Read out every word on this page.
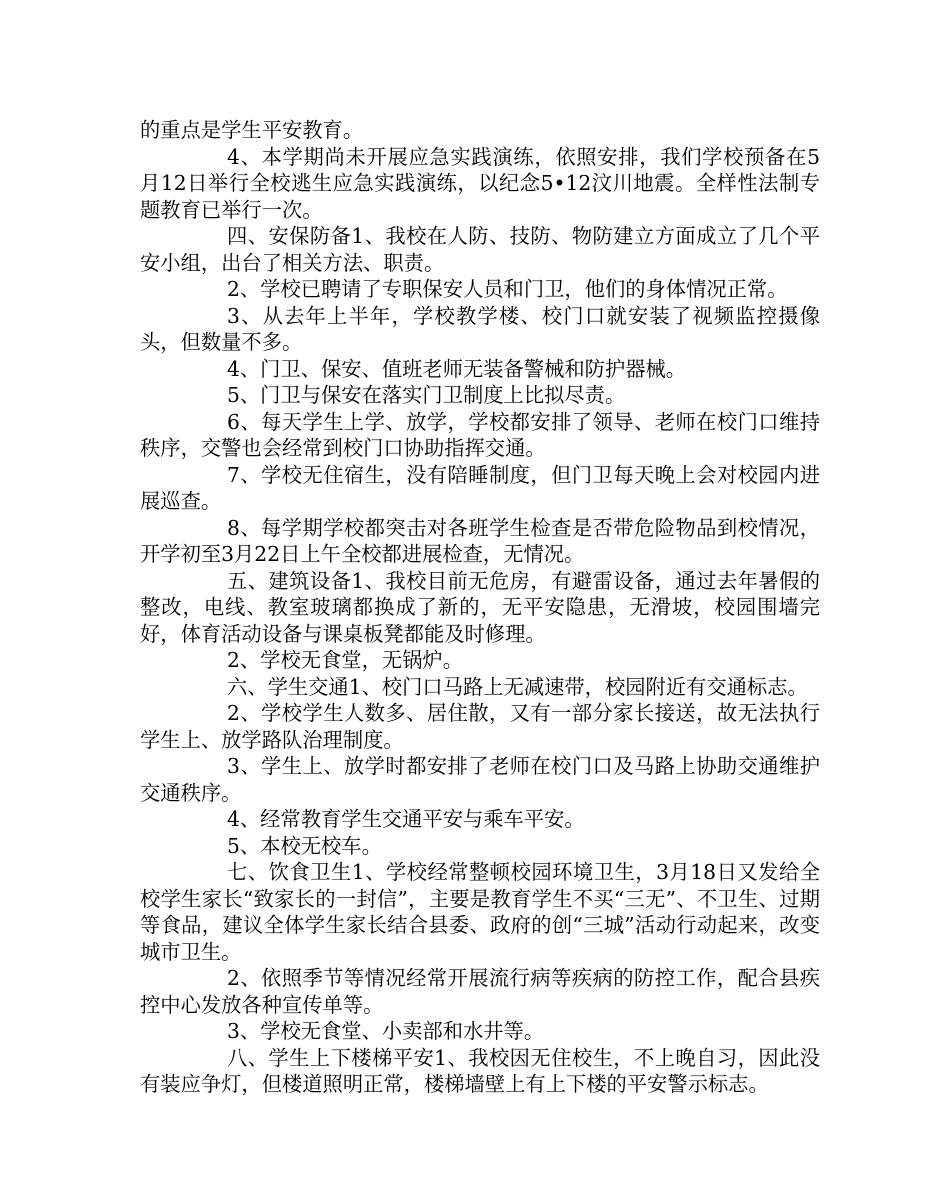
的重点是学生平安教育。

4、本学期尚未开展应急实践演练，依照安排，我们学校预备在5月12日举行全校逃生应急实践演练，以纪念5•12汶川地震。全样性法制专题教育已举行一次。

四、安保防备1、我校在人防、技防、物防建立方面成立了几个平安小组，出台了相关方法、职责。

2、学校已聘请了专职保安人员和门卫，他们的身体情况正常。

3、从去年上半年，学校教学楼、校门口就安装了视频监控摄像头，但数量不多。

4、门卫、保安、值班老师无装备警械和防护器械。

5、门卫与保安在落实门卫制度上比拟尽责。

6、每天学生上学、放学，学校都安排了领导、老师在校门口维持秩序，交警也会经常到校门口协助指挥交通。

7、学校无住宿生，没有陪睡制度，但门卫每天晚上会对校园内进展巡查。

8、每学期学校都突击对各班学生检查是否带危险物品到校情况，开学初至3月22日上午全校都进展检查，无情况。

五、建筑设备1、我校目前无危房，有避雷设备，通过去年暑假的整改，电线、教室玻璃都换成了新的，无平安隐患，无滑坡，校园围墙完好，体育活动设备与课桌板凳都能及时修理。

2、学校无食堂，无锅炉。

六、学生交通1、校门口马路上无减速带，校园附近有交通标志。

2、学校学生人数多、居住散，又有一部分家长接送，故无法执行学生上、放学路队治理制度。

3、学生上、放学时都安排了老师在校门口及马路上协助交通维护交通秩序。

4、经常教育学生交通平安与乘车平安。

5、本校无校车。

七、饮食卫生1、学校经常整顿校园环境卫生，3月18日又发给全校学生家长“致家长的一封信”，主要是教育学生不买“三无”、不卫生、过期等食品，建议全体学生家长结合县委、政府的创“三城”活动行动起来，改变城市卫生。

2、依照季节等情况经常开展流行病等疾病的防控工作，配合县疾控中心发放各种宣传单等。

3、学校无食堂、小卖部和水井等。

八、学生上下楼梯平安1、我校因无住校生，不上晚自习，因此没有装应争灯，但楼道照明正常，楼梯墙壁上有上下楼的平安警示标志。
